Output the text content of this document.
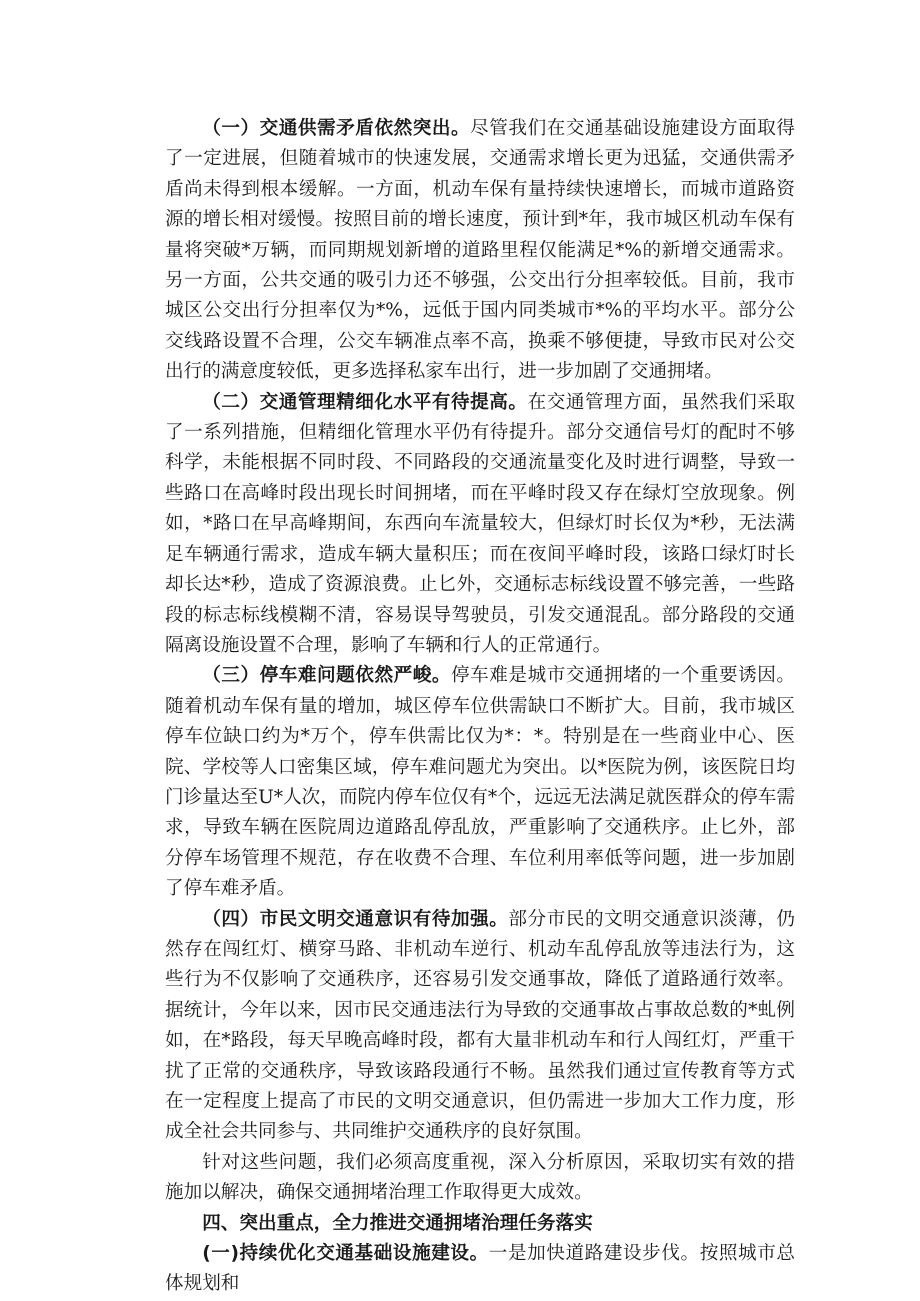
（一）交通供需矛盾依然突出。尽管我们在交通基础设施建设方面取得了一定进展，但随着城市的快速发展，交通需求增长更为迅猛，交通供需矛盾尚未得到根本缓解。一方面，机动车保有量持续快速增长，而城市道路资源的增长相对缓慢。按照目前的增长速度，预计到*年，我市城区机动车保有量将突破*万辆，而同期规划新增的道路里程仅能满足*%的新增交通需求。另一方面，公共交通的吸引力还不够强，公交出行分担率较低。目前，我市城区公交出行分担率仅为*%，远低于国内同类城市*%的平均水平。部分公交线路设置不合理，公交车辆准点率不高，换乘不够便捷，导致市民对公交出行的满意度较低，更多选择私家车出行，进一步加剧了交通拥堵。

（二）交通管理精细化水平有待提高。在交通管理方面，虽然我们采取了一系列措施，但精细化管理水平仍有待提升。部分交通信号灯的配时不够科学，未能根据不同时段、不同路段的交通流量变化及时进行调整，导致一些路口在高峰时段出现长时间拥堵，而在平峰时段又存在绿灯空放现象。例如，*路口在早高峰期间，东西向车流量较大，但绿灯时长仅为*秒，无法满足车辆通行需求，造成车辆大量积压；而在夜间平峰时段，该路口绿灯时长却长达*秒，造成了资源浪费。止匕外，交通标志标线设置不够完善，一些路段的标志标线模糊不清，容易误导驾驶员，引发交通混乱。部分路段的交通隔离设施设置不合理，影响了车辆和行人的正常通行。

（三）停车难问题依然严峻。停车难是城市交通拥堵的一个重要诱因。随着机动车保有量的增加，城区停车位供需缺口不断扩大。目前，我市城区停车位缺口约为*万个，停车供需比仅为*：*。特别是在一些商业中心、医院、学校等人口密集区域，停车难问题尤为突出。以*医院为例，该医院日均门诊量达至U*人次，而院内停车位仅有*个，远远无法满足就医群众的停车需求，导致车辆在医院周边道路乱停乱放，严重影响了交通秩序。止匕外，部分停车场管理不规范，存在收费不合理、车位利用率低等问题，进一步加剧了停车难矛盾。

（四）市民文明交通意识有待加强。部分市民的文明交通意识淡薄，仍然存在闯红灯、横穿马路、非机动车逆行、机动车乱停乱放等违法行为，这些行为不仅影响了交通秩序，还容易引发交通事故，降低了道路通行效率。据统计，今年以来，因市民交通违法行为导致的交通事故占事故总数的*虬例如，在*路段，每天早晚高峰时段，都有大量非机动车和行人闯红灯，严重干扰了正常的交通秩序，导致该路段通行不畅。虽然我们通过宣传教育等方式在一定程度上提高了市民的文明交通意识，但仍需进一步加大工作力度，形成全社会共同参与、共同维护交通秩序的良好氛围。

针对这些问题，我们必须高度重视，深入分析原因，采取切实有效的措施加以解决，确保交通拥堵治理工作取得更大成效。

四、突出重点，全力推进交通拥堵治理任务落实

(一)持续优化交通基础设施建设。一是加快道路建设步伐。按照城市总体规划和
